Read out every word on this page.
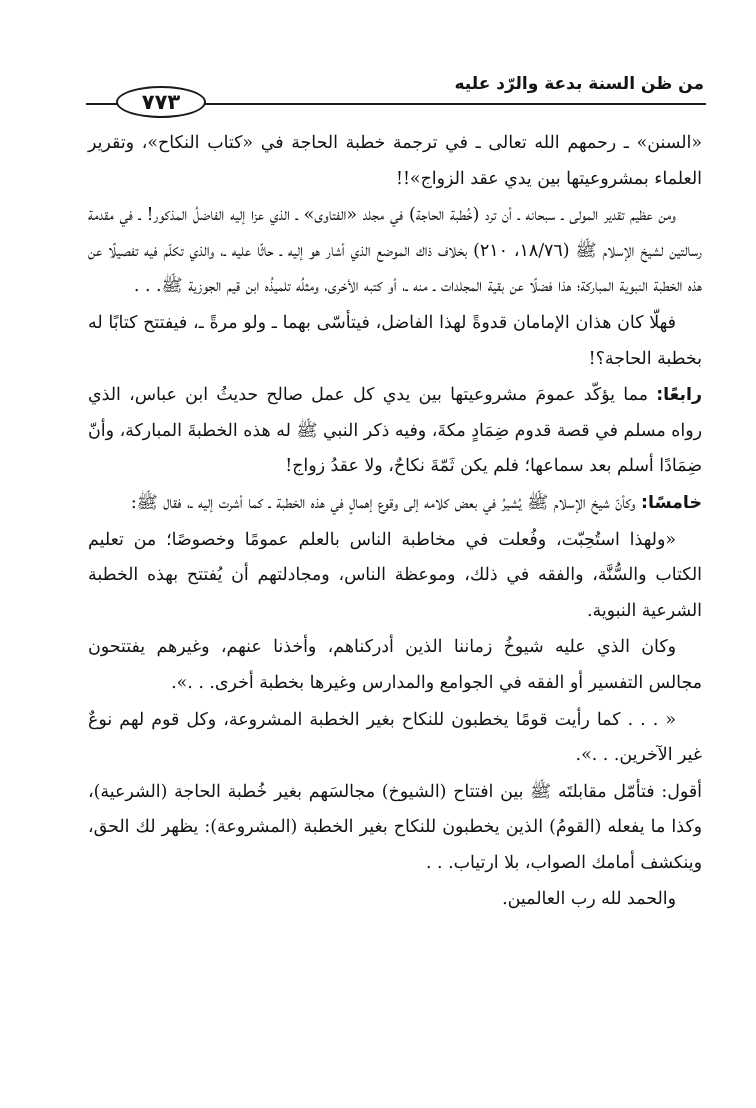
من ظن السنة بدعة والرّد عليه
٧٧٣

«السنن» ـ رحمهم الله تعالى ـ في ترجمة خطبة الحاجة في «كتاب النكاح»، وتقرير العلماء بمشروعيتها بين يدي عقد الزواج»!!

ومن عظيم تقدير المولى ـ سبحانه ـ أن ترد (خُطبة الحاجة) في مجلد «الفتاوى» ـ الذي عزا إليه الفاضلُ المذكور! ـ في مقدمة رسالتين لشيخ الإسلام ﷺ (١٨/٧٦، ٢١٠) بخلاف ذاك الموضع الذي أشار هو إليه ـ حاثًا عليه ـ، والذي تكلّم فيه تفصيلًا عن هذه الخطبة النبوية المباركة؛ هذا فضلًا عن بقية المجلدات ـ منه ـ، أو كتبه الأخرى، ومثلُه تلميذُه ابن قيم الجوزية ﷺ. . .

فهلّا كان هذان الإمامان قدوةً لهذا الفاضل، فيتأسّى بهما ـ ولو مرةً ـ، فيفتتح كتابًا له بخطبة الحاجة؟!

رابعًا: مما يؤكّد عمومَ مشروعيتها بين يدي كل عمل صالح حديثُ ابن عباس، الذي رواه مسلم في قصة قدوم ضِمَادٍ مكةَ، وفيه ذكر النبي ﷺ له هذه الخطبةَ المباركة، وأنّ ضِمَادًا أسلم بعد سماعها؛ فلم يكن ثَمّةَ نكاحٌ، ولا عقدُ زواج!

خامسًا: وكأنّ شيخ الإسلام ﷺ يُشيرُ في بعض كلامه إلى وقوع إهمالٍ في هذه الخطبة ـ كما أشرت إليه ـ، فقال ﷺ:

«ولهذا استُحِبّت، وفُعلت في مخاطبة الناس بالعلم عمومًا وخصوصًا؛ من تعليم الكتاب والسُّنَّة، والفقه في ذلك، وموعظة الناس، ومجادلتهم أن يُفتتح بهذه الخطبة الشرعية النبوية.

وكان الذي عليه شيوخُ زماننا الذين أدركناهم، وأخذنا عنهم، وغيرهم يفتتحون مجالس التفسير أو الفقه في الجوامع والمدارس وغيرها بخطبة أخرى. . .».

« . . . كما رأيت قومًا يخطبون للنكاح بغير الخطبة المشروعة، وكل قوم لهم نوعٌ غير الآخرين. . .».

أقول: فتأمّل مقابلتَه ﷺ بين افتتاح (الشيوخ) مجالسَهم بغير خُطبة الحاجة (الشرعية)، وكذا ما يفعله (القومُ) الذين يخطبون للنكاح بغير الخطبة (المشروعة): يظهر لك الحق، وينكشف أمامك الصواب، بلا ارتياب. . .

والحمد لله رب العالمين.
